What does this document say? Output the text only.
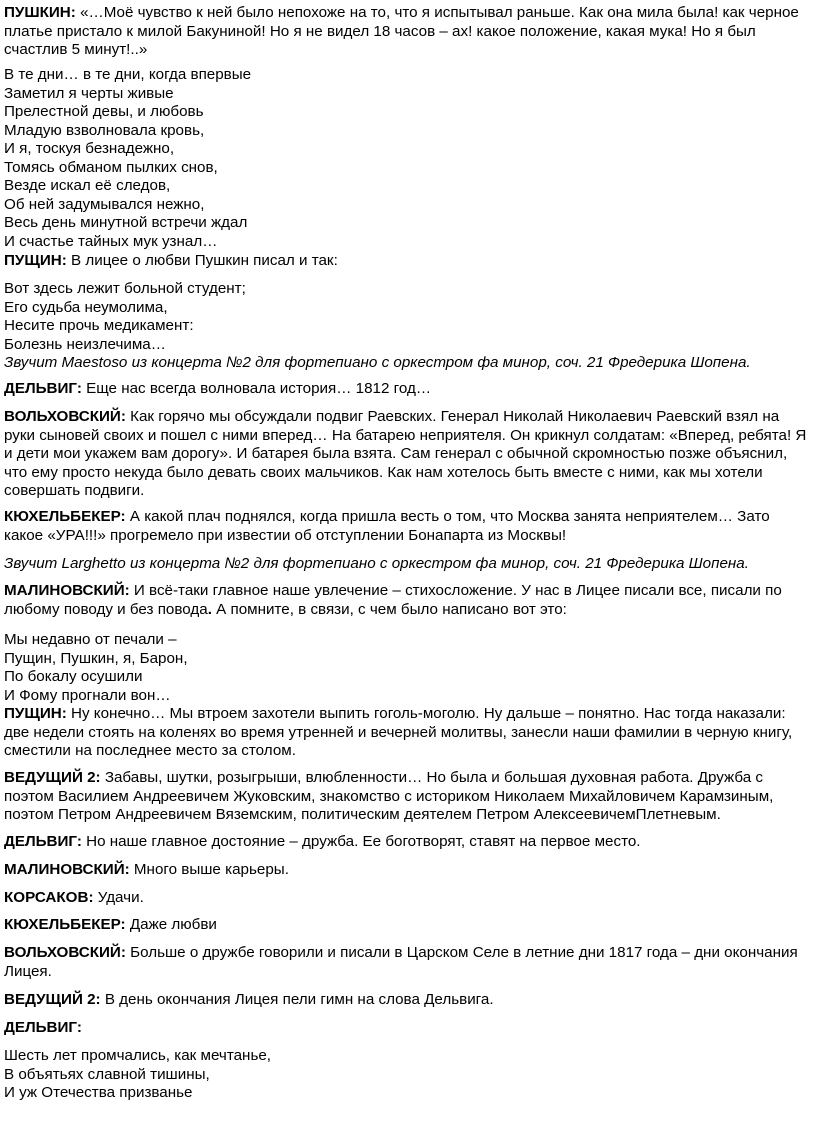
ПУШКИН: «…Моё чувство к ней было непохоже на то, что я испытывал раньше. Как она мила была! как черное платье пристало к милой Бакуниной! Но я не видел 18 часов – ах! какое положение, какая мука! Но я был счастлив 5 минут!..»

В те дни… в те дни, когда впервые

Заметил я черты живые

Прелестной девы, и любовь

Младую взволновала кровь,

И я, тоскуя безнадежно,

Томясь обманом пылких снов,

Везде искал её следов,

Об ней задумывался нежно,

Весь день минутной встречи ждал

И счастье тайных мук узнал…

ПУЩИН: В лицее о любви Пушкин писал и так:

Вот здесь лежит больной студент;

Его судьба неумолима,

Несите прочь медикамент:

Болезнь неизлечима…

Звучит Maestoso из концерта №2 для фортепиано с оркестром фа минор, соч. 21 Фредерика Шопена.

ДЕЛЬВИГ: Еще нас всегда волновала история… 1812 год…

ВОЛЬХОВСКИЙ: Как горячо мы обсуждали подвиг Раевских. Генерал Николай Николаевич Раевский взял на руки сыновей своих и пошел с ними вперед… На батарею неприятеля. Он крикнул солдатам: «Вперед, ребята! Я и дети мои укажем вам дорогу». И батарея была взята. Сам генерал с обычной скромностью позже объяснил, что ему просто некуда было девать своих мальчиков. Как нам хотелось быть вместе с ними, как мы хотели совершать подвиги.

КЮХЕЛЬБЕКЕР: А какой плач поднялся, когда пришла весть о том, что Москва занята неприятелем… Зато какое «УРА!!!» прогремело при известии об отступлении Бонапарта из Москвы!

Звучит Larghetto из концерта №2 для фортепиано с оркестром фа минор, соч. 21 Фредерика Шопена.

МАЛИНОВСКИЙ: И всё-таки главное наше увлечение – стихосложение. У нас в Лицее писали все, писали по любому поводу и без повода. А помните, в связи, с чем было написано вот это:

Мы недавно от печали –

Пущин, Пушкин, я, Барон,

По бокалу осушили

И Фому прогнали вон…

ПУЩИН: Ну конечно… Мы втроем захотели выпить гоголь-моголю. Ну дальше – понятно. Нас тогда наказали: две недели стоять на коленях во время утренней и вечерней молитвы, занесли наши фамилии в черную книгу, сместили на последнее место за столом.

ВЕДУЩИЙ 2: Забавы, шутки, розыгрыши, влюбленности… Но была и большая духовная работа. Дружба с поэтом Василием Андреевичем Жуковским, знакомство с историком Николаем Михайловичем Карамзиным, поэтом Петром Андреевичем Вяземским, политическим деятелем Петром АлексеевичемПлетневым.

ДЕЛЬВИГ: Но наше главное достояние – дружба. Ее боготворят, ставят на первое место.

МАЛИНОВСКИЙ: Много выше карьеры.

КОРСАКОВ: Удачи.

КЮХЕЛЬБЕКЕР: Даже любви

ВОЛЬХОВСКИЙ: Больше о дружбе говорили и писали в Царском Селе в летние дни 1817 года – дни окончания Лицея.

ВЕДУЩИЙ 2: В день окончания Лицея пели гимн на слова Дельвига.

ДЕЛЬВИГ:

Шесть лет промчались, как мечтанье,

В объятьях славной тишины,

И уж Отечества призванье
